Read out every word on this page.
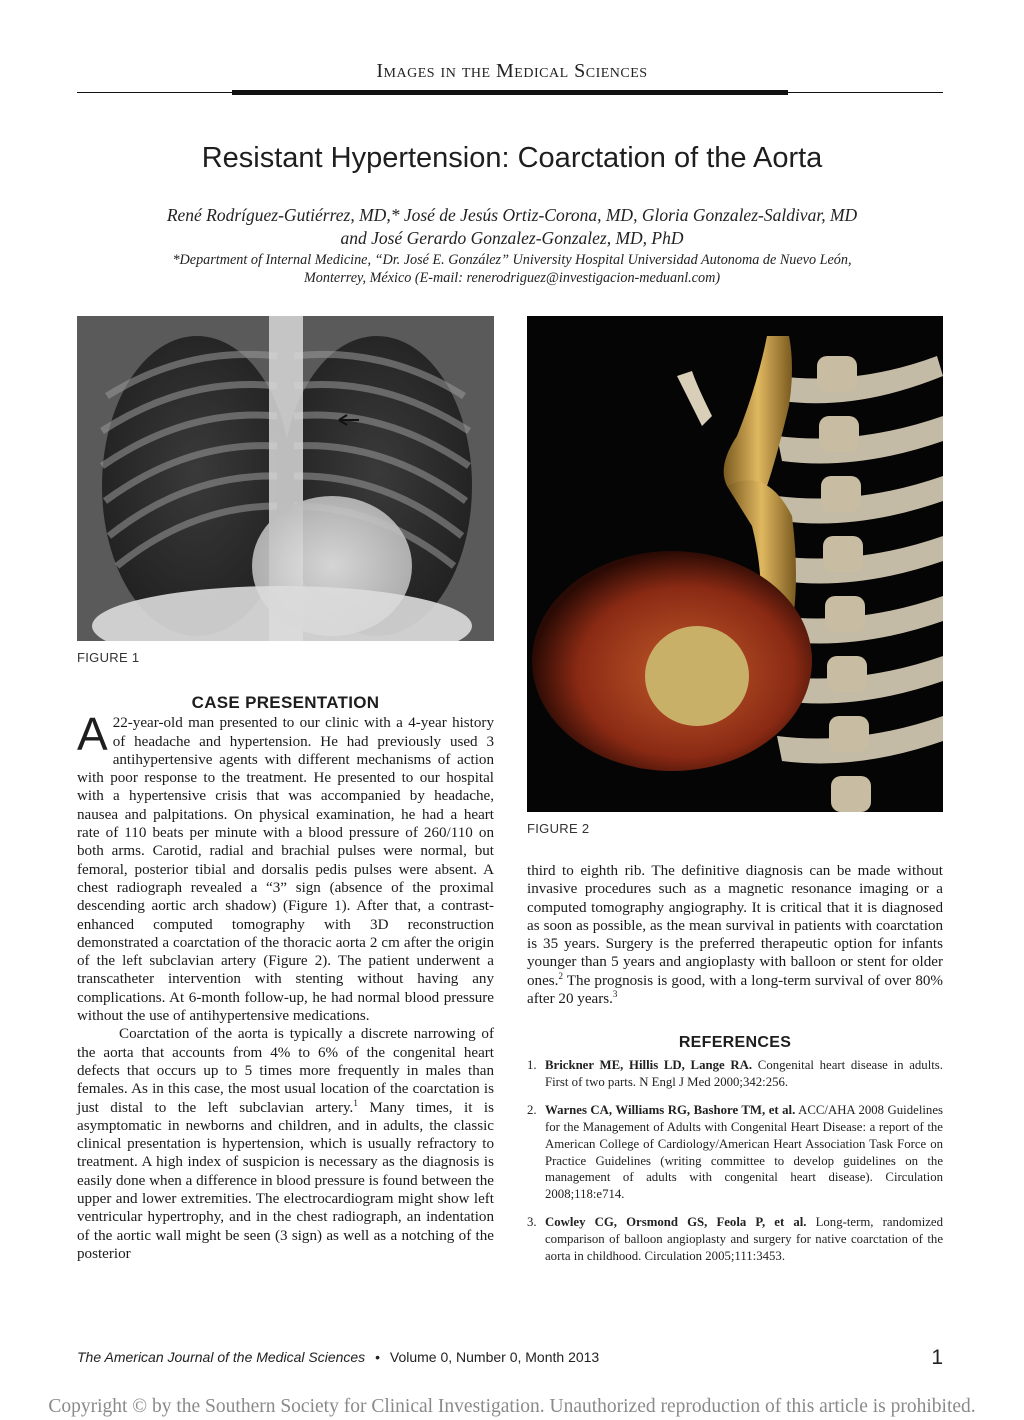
Images in the Medical Sciences
Resistant Hypertension: Coarctation of the Aorta
René Rodríguez-Gutiérrez, MD,* José de Jesús Ortiz-Corona, MD, Gloria Gonzalez-Saldivar, MD
and José Gerardo Gonzalez-Gonzalez, MD, PhD
*Department of Internal Medicine, “Dr. José E. González” University Hospital Universidad Autonoma de Nuevo León,
Monterrey, México (E-mail: renerodriguez@investigacion-meduanl.com)
FIGURE 1
FIGURE 2
CASE PRESENTATION

A 22-year-old man presented to our clinic with a 4-year history of headache and hypertension. He had previously used 3 antihypertensive agents with different mechanisms of action with poor response to the treatment. He presented to our hospital with a hypertensive crisis that was accompanied by headache, nausea and palpitations. On physical examination, he had a heart rate of 110 beats per minute with a blood pressure of 260/110 on both arms. Carotid, radial and brachial pulses were normal, but femoral, posterior tibial and dorsalis pedis pulses were absent. A chest radiograph revealed a “3” sign (absence of the proximal descending aortic arch shadow) (Figure 1). After that, a contrast-enhanced computed tomography with 3D reconstruction demonstrated a coarctation of the thoracic aorta 2 cm after the origin of the left subclavian artery (Figure 2). The patient underwent a transcatheter intervention with stenting without having any complications. At 6-month follow-up, he had normal blood pressure without the use of antihypertensive medications.

Coarctation of the aorta is typically a discrete narrowing of the aorta that accounts from 4% to 6% of the congenital heart defects that occurs up to 5 times more frequently in males than females. As in this case, the most usual location of the coarctation is just distal to the left subclavian artery.$^1$ Many times, it is asymptomatic in newborns and children, and in adults, the classic clinical presentation is hypertension, which is usually refractory to treatment. A high index of suspicion is necessary as the diagnosis is easily done when a difference in blood pressure is found between the upper and lower extremities. The electrocardiogram might show left ventricular hypertrophy, and in the chest radiograph, an indentation of the aortic wall might be seen (3 sign) as well as a notching of the posterior

third to eighth rib. The definitive diagnosis can be made without invasive procedures such as a magnetic resonance imaging or a computed tomography angiography. It is critical that it is diagnosed as soon as possible, as the mean survival in patients with coarctation is 35 years. Surgery is the preferred therapeutic option for infants younger than 5 years and angioplasty with balloon or stent for older ones.$^2$ The prognosis is good, with a long-term survival of over 80% after 20 years.$^3$

REFERENCES
1. Brickner ME, Hillis LD, Lange RA. Congenital heart disease in adults. First of two parts. N Engl J Med 2000;342:256.
2. Warnes CA, Williams RG, Bashore TM, et al. ACC/AHA 2008 Guidelines for the Management of Adults with Congenital Heart Disease: a report of the American College of Cardiology/American Heart Association Task Force on Practice Guidelines (writing committee to develop guidelines on the management of adults with congenital heart disease). Circulation 2008;118:e714.
3. Cowley CG, Orsmond GS, Feola P, et al. Long-term, randomized comparison of balloon angioplasty and surgery for native coarctation of the aorta in childhood. Circulation 2005;111:3453.
The American Journal of the Medical Sciences • Volume 0, Number 0, Month 2013	1
Copyright © by the Southern Society for Clinical Investigation. Unauthorized reproduction of this article is prohibited.
